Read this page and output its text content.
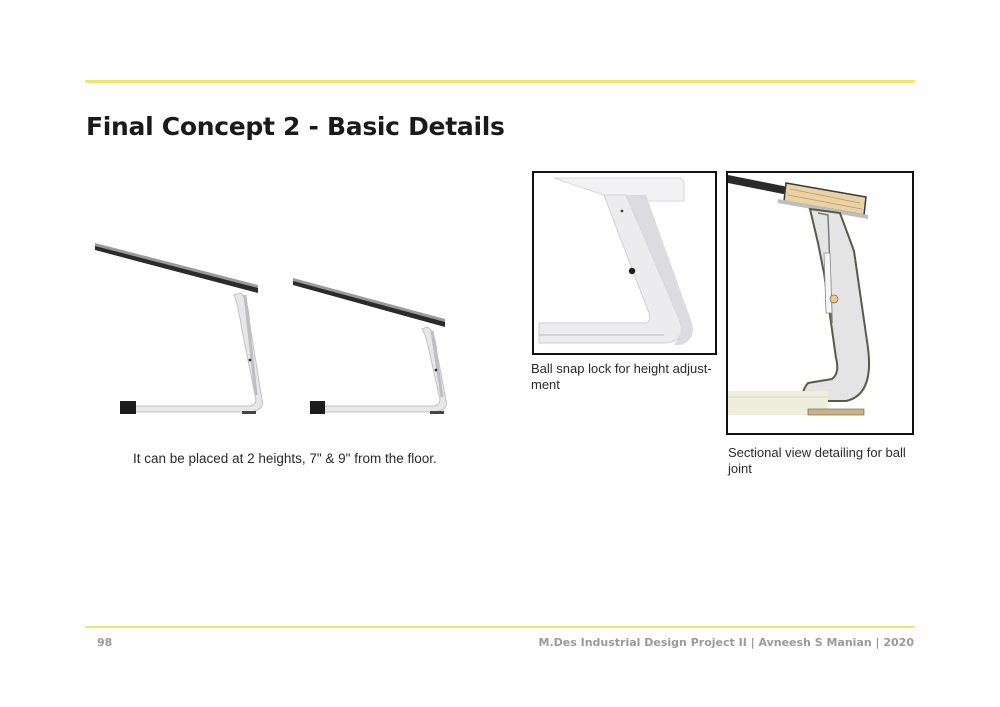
Final Concept 2 - Basic Details
It can be placed at 2 heights, 7" & 9" from the floor.
Ball snap lock for height adjust-ment
Sectional view detailing for ball joint
98	M.Des Industrial Design Project II | Avneesh S Manian | 2020
